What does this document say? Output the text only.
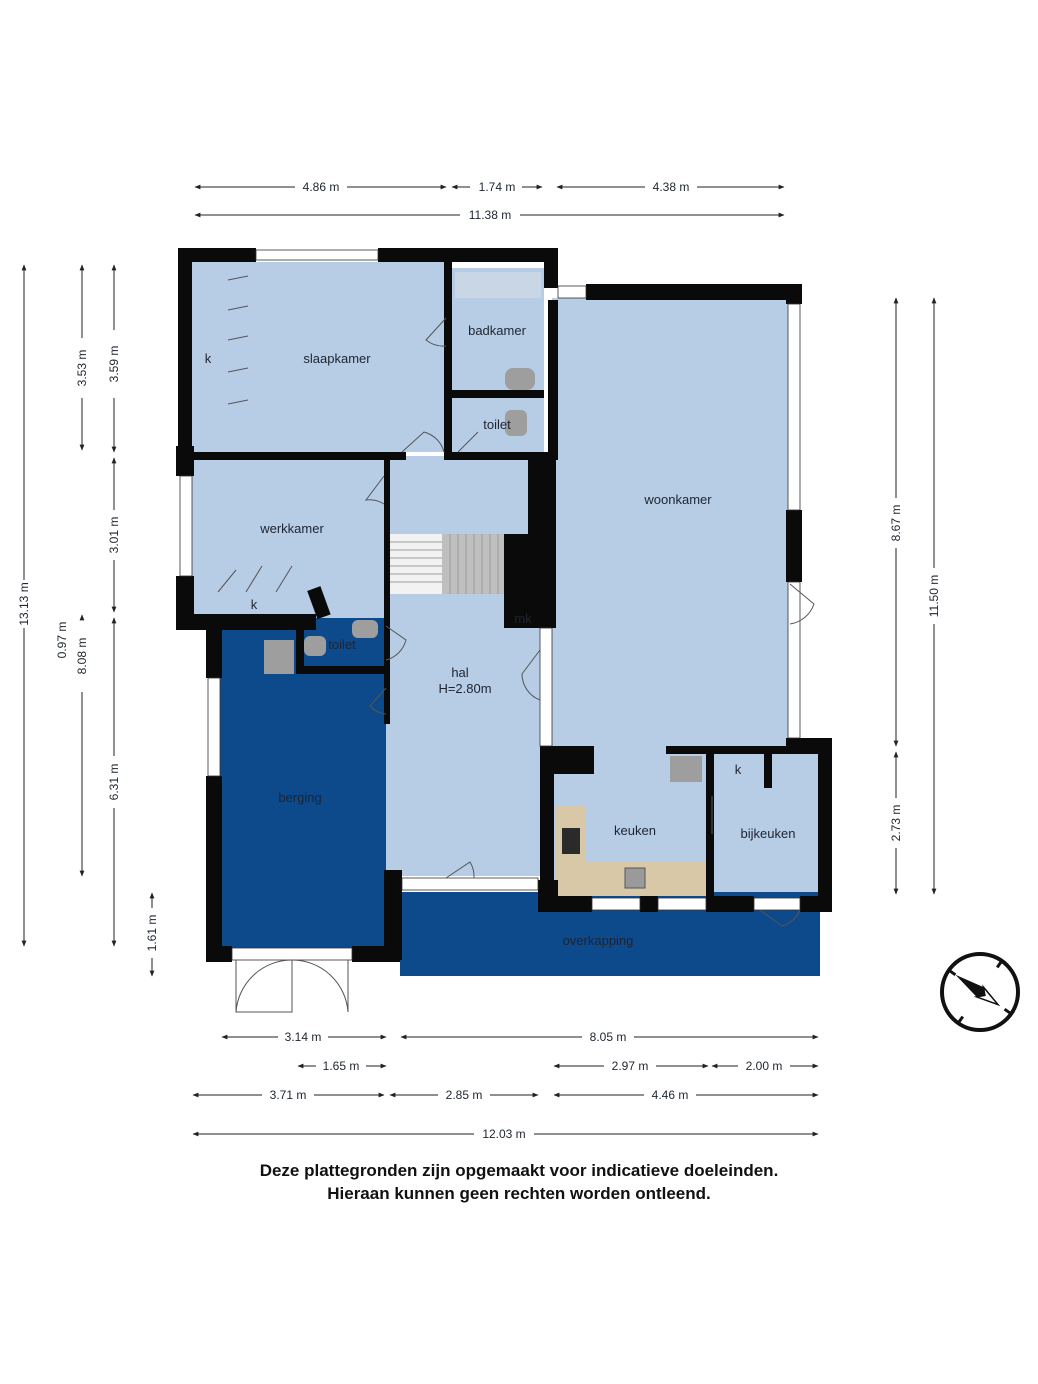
slaapkamer
k
badkamer
toilet
werkkamer
k
toilet
mk
hal
H=2.80m
berging
woonkamer
keuken
k
bijkeuken
overkapping
4.86 m	1.74 m	4.38 m
11.38 m
13.13 m
3.53 m
0.97 m 8.08 m
3.59 m
3.01 m
6.31 m
1.61 m
8.67 m
2.73 m
11.50 m
3.14 m	8.05 m
1.65 m	2.97 m	2.00 m
3.71 m	2.85 m	4.46 m
12.03 m
Deze plattegronden zijn opgemaakt voor indicatieve doeleinden.
Hieraan kunnen geen rechten worden ontleend.
